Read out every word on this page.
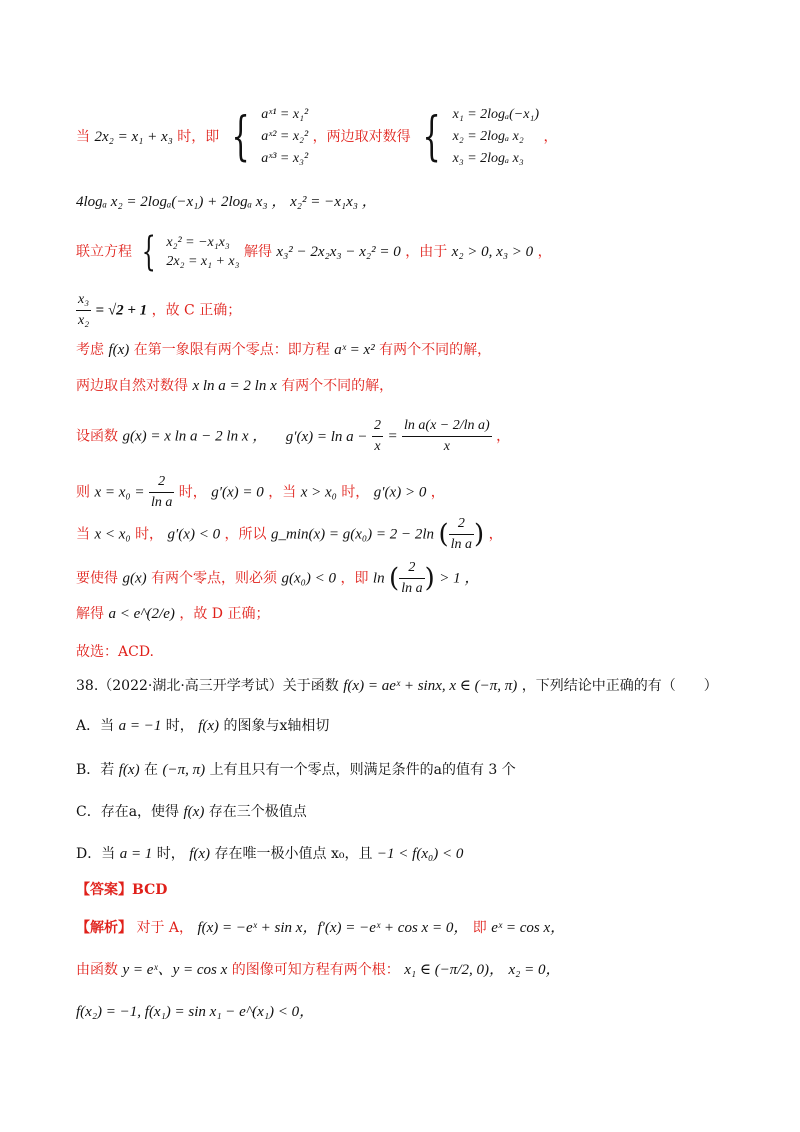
当 2x₂ = x₁ + x₃ 时，即 { aˣ¹ = x₁²
aˣ² = x₂²
aˣ³ = x₃²
，两边取对数得 { x₁ = 2logₐ(−x₁)
x₂ = 2logₐ x₂
x₃ = 2logₐ x₃
，
4logₐ x₂ = 2logₐ(−x₁) + 2logₐ x₃ ， x₂² = −x₁x₃ ，
联立方程 { x₂² = −x₁x₃
2x₂ = x₁ + x₃
解得 x₃² − 2x₂x₃ − x₂² = 0 ，由于 x₂ > 0, x₃ > 0 ，
$\frac{\text{x₃}}{\text{x₂}} = √2 + 1$ ，故 C 正确；
考虑 f(x) 在第一象限有两个零点：即方程 aˣ = x² 有两个不同的解，
两边取自然对数得 x ln a = 2 ln x 有两个不同的解，
设函数 g(x) = x ln a − 2 ln x ， $g'(x) = \ln a - \frac{2}{x} = \frac{\text{ln a(x − 2/ln a)}}{x}$ ，
则 $x = x_0 = \frac{2}{\text{ln a}}$ 时， g′(x) = 0 ，当 x > x₀ 时， g′(x) > 0 ，
当 x < x₀ 时， g′(x) < 0 ，所以 g_min(x) = g(x₀) = 2 − 2ln ( $\frac{2}{\text{ln a}}$ ) ，
要使得 g(x) 有两个零点，则必须 g(x₀) < 0 ，即 ln ( $\frac{2}{\text{ln a}}$ ) > 1 ，
解得 a < e^(2/e) ，故 D 正确；
故选：ACD.
38.（2022·湖北·高三开学考试）关于函数 f(x) = aeˣ + sinx, x ∈ (−π, π) ，下列结论中正确的有（　　）
A．当 a = −1 时， f(x) 的图象与x轴相切
B．若 f(x) 在 (−π, π) 上有且只有一个零点，则满足条件的a的值有 3 个
C．存在a，使得 f(x) 存在三个极值点
D．当 a = 1 时， f(x) 存在唯一极小值点 x₀，且 −1 < f(x₀) < 0
【答案】BCD
【解析】 对于 A， f(x) = −eˣ + sin x，f′(x) = −eˣ + cos x = 0， 即 eˣ = cos x，
由函数 y = eˣ、y = cos x 的图像可知方程有两个根： x₁ ∈ (−π/2, 0)， x₂ = 0，
f(x₂) = −1, f(x₁) = sin x₁ − e^(x₁) < 0，
